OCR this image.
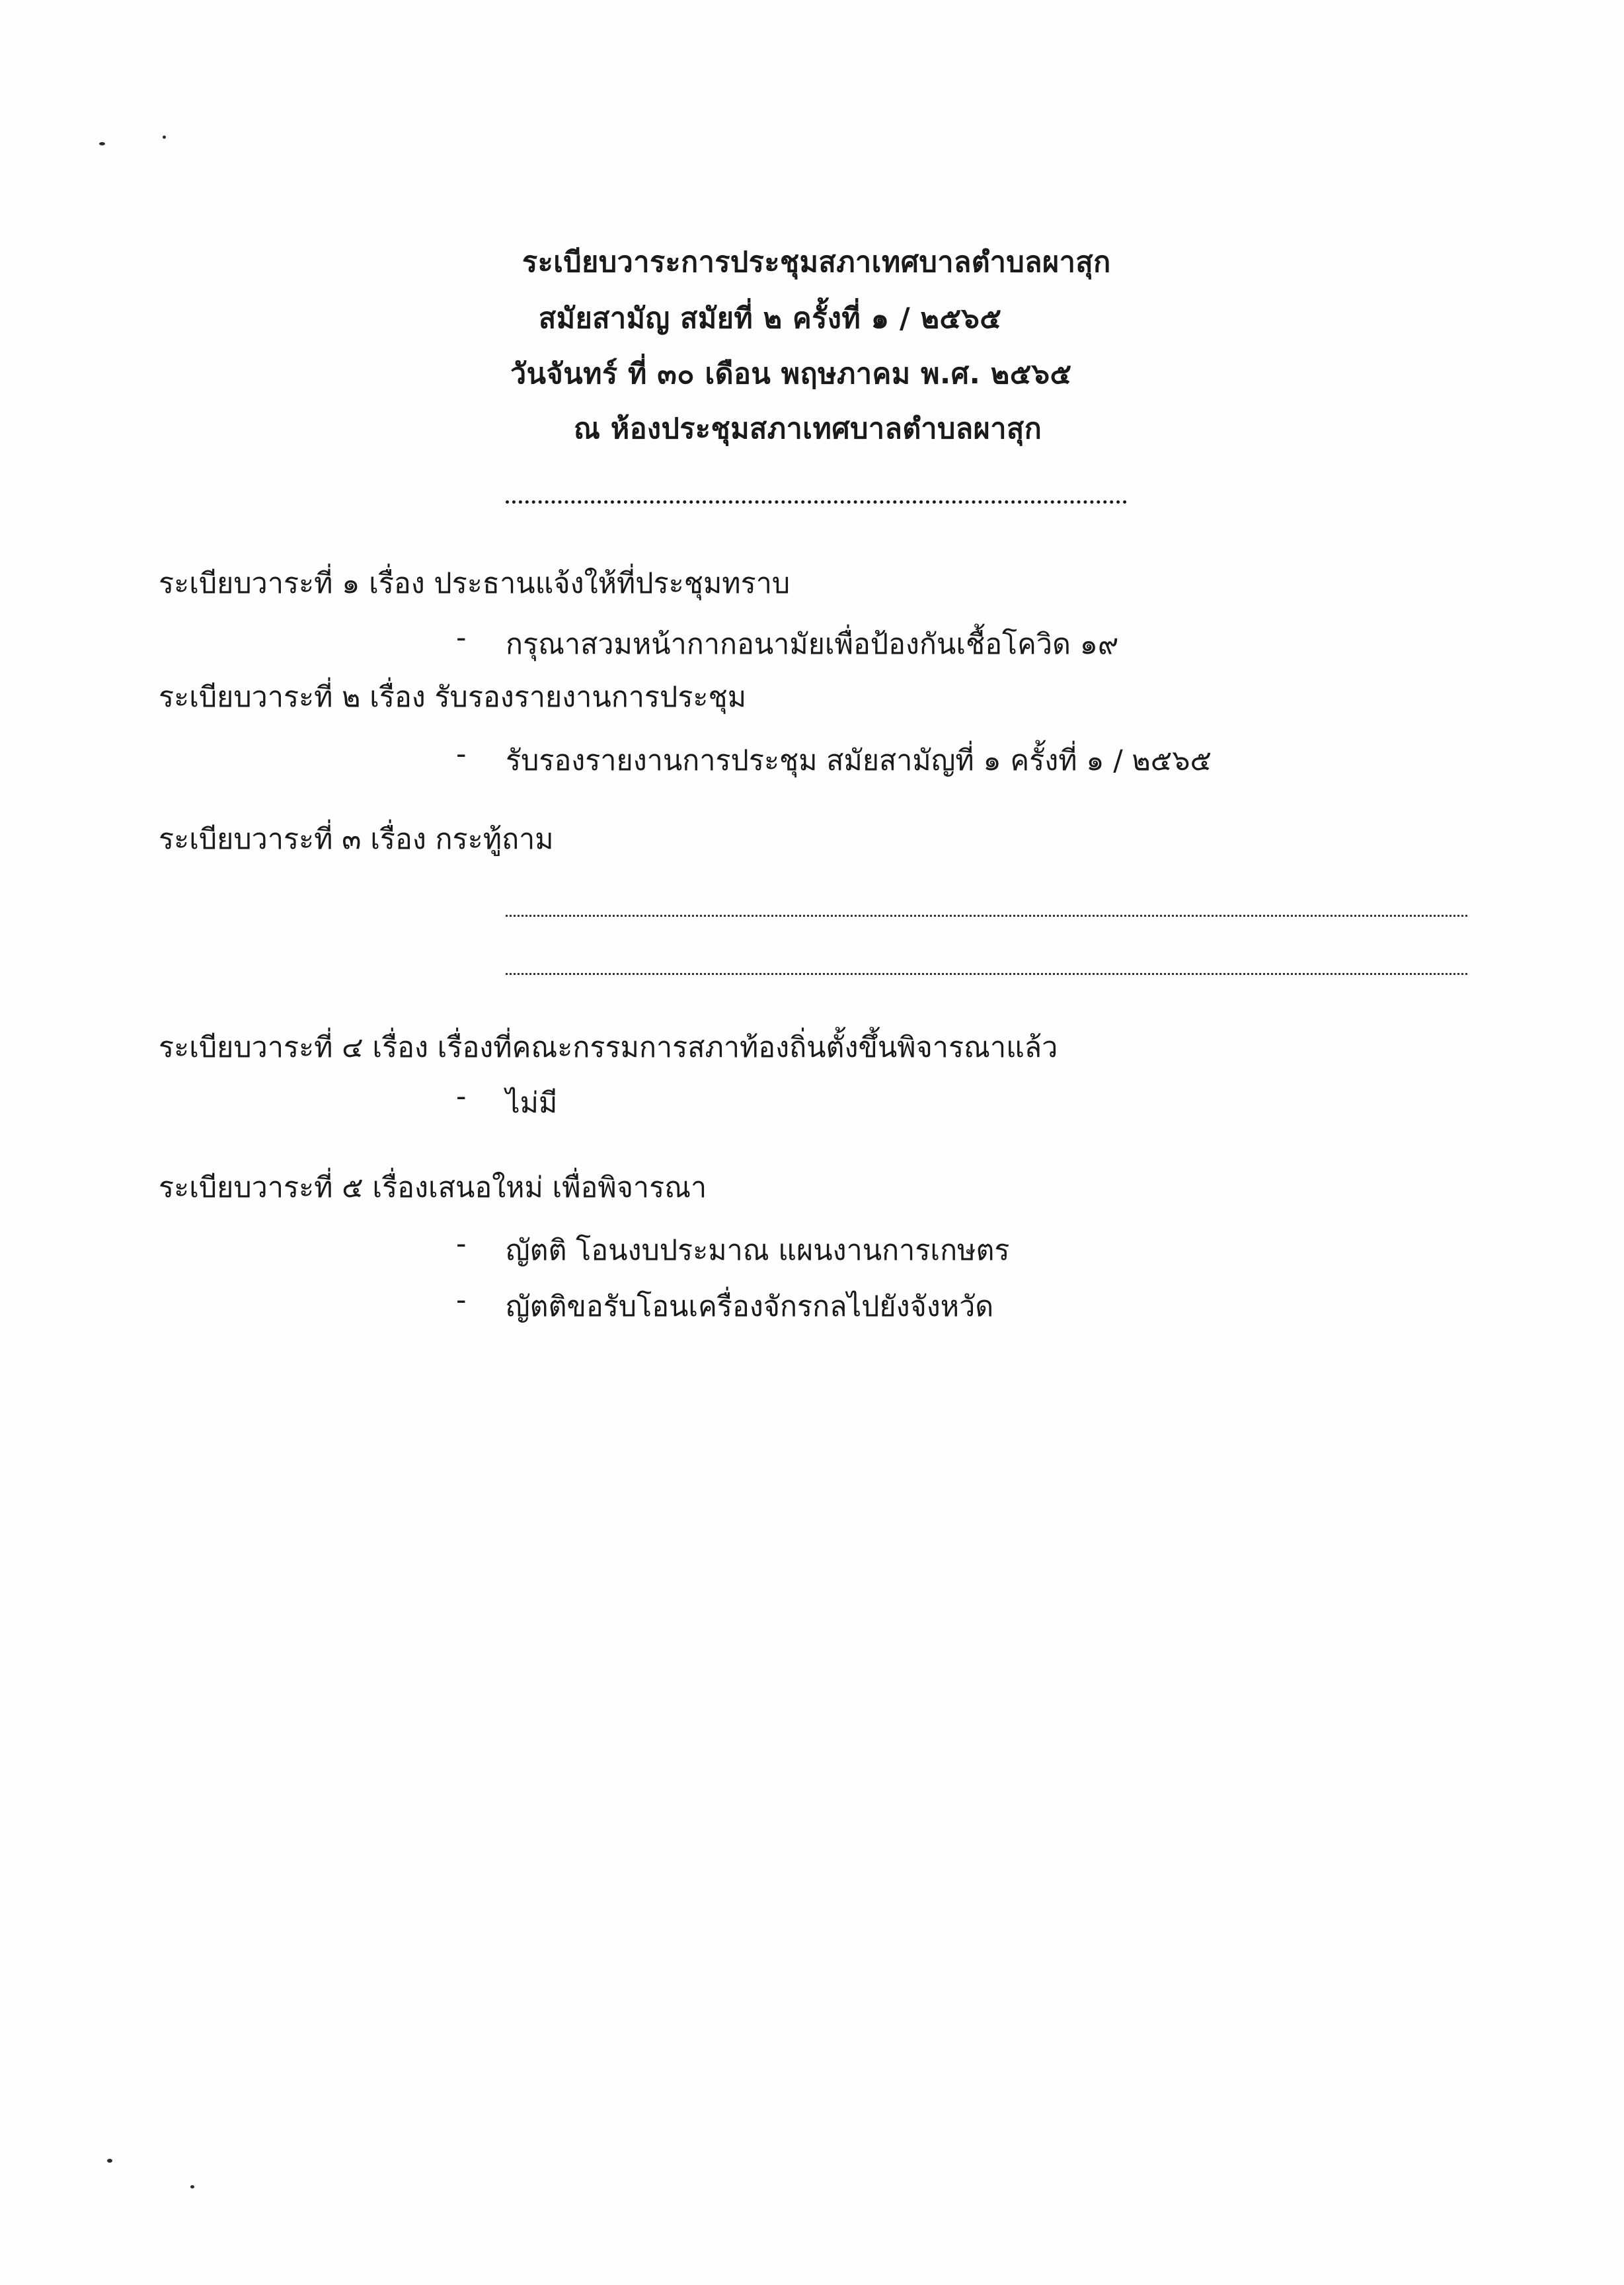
ระเบียบวาระการประชุมสภาเทศบาลตำบลผาสุก
สมัยสามัญ สมัยที่ ๒ ครั้งที่ ๑ / ๒๕๖๕
วันจันทร์ ที่ ๓๐ เดือน พฤษภาคม พ.ศ. ๒๕๖๕
ณ ห้องประชุมสภาเทศบาลตำบลผาสุก
ระเบียบวาระที่ ๑ เรื่อง ประธานแจ้งให้ที่ประชุมทราบ
- กรุณาสวมหน้ากากอนามัยเพื่อป้องกันเชื้อโควิด ๑๙
ระเบียบวาระที่ ๒ เรื่อง รับรองรายงานการประชุม
- รับรองรายงานการประชุม สมัยสามัญที่ ๑ ครั้งที่ ๑ / ๒๕๖๕
ระเบียบวาระที่ ๓ เรื่อง กระทู้ถาม
ระเบียบวาระที่ ๔ เรื่อง เรื่องที่คณะกรรมการสภาท้องถิ่นตั้งขึ้นพิจารณาแล้ว
- ไม่มี
ระเบียบวาระที่ ๕ เรื่องเสนอใหม่ เพื่อพิจารณา
- ญัตติ โอนงบประมาณ แผนงานการเกษตร
- ญัตติขอรับโอนเครื่องจักรกลไปยังจังหวัด
